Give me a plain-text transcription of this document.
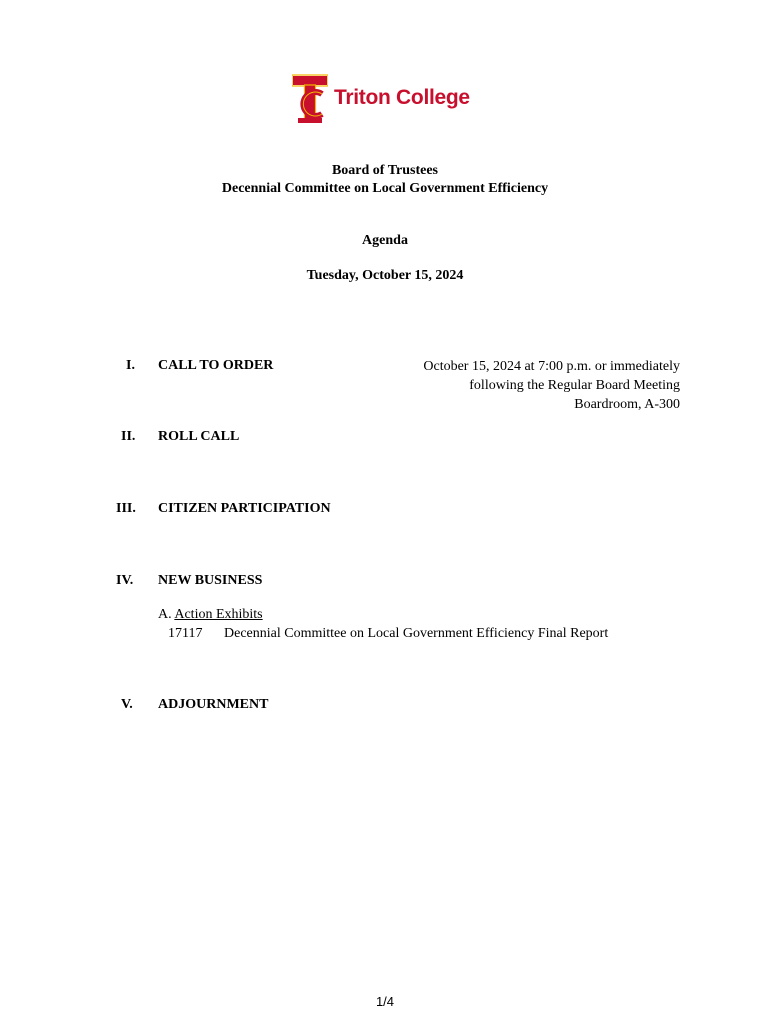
Triton College
Board of Trustees
Decennial Committee on Local Government Efficiency
Agenda
Tuesday, October 15, 2024
I.	CALL TO ORDER	October 15, 2024 at 7:00 p.m. or immediately
following the Regular Board Meeting
Boardroom, A-300
II.	ROLL CALL
III.	CITIZEN PARTICIPATION
IV.	NEW BUSINESS
A. Action Exhibits
17117 Decennial Committee on Local Government Efficiency Final Report
V.	ADJOURNMENT
1/4
